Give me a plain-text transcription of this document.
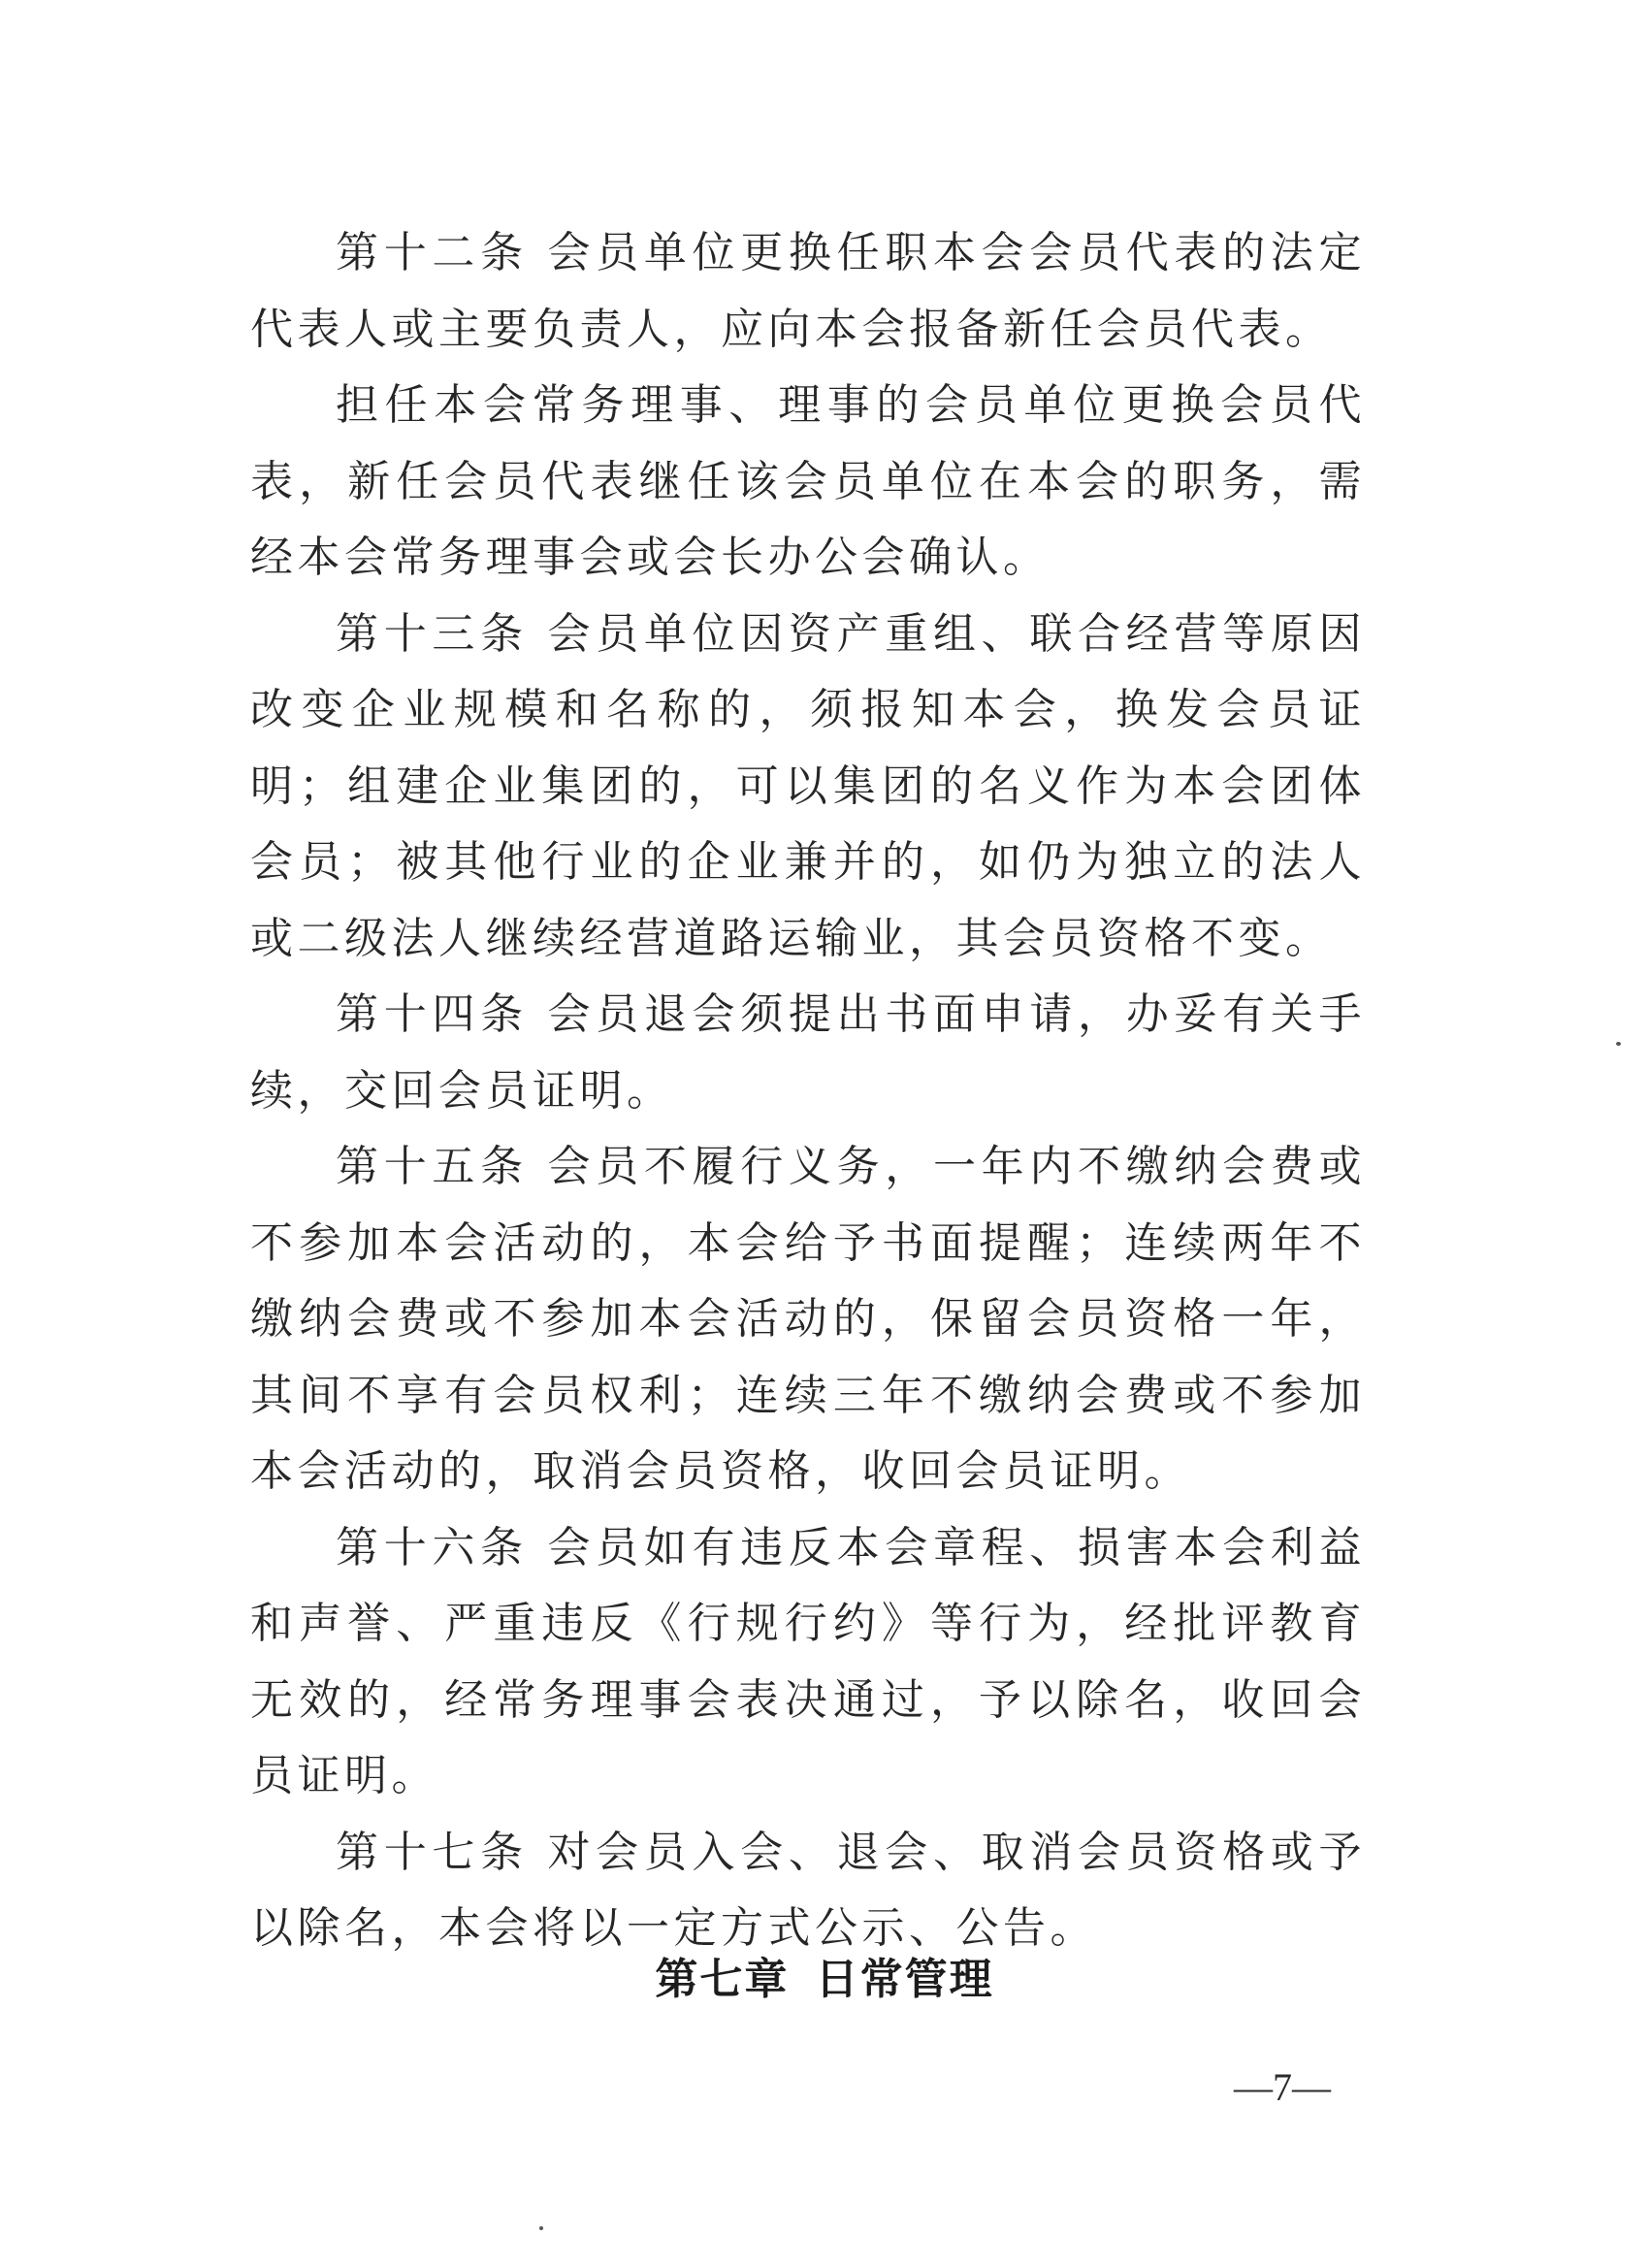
第十二条 会员单位更换任职本会会员代表的法定代表人或主要负责人，应向本会报备新任会员代表。

担任本会常务理事、理事的会员单位更换会员代表，新任会员代表继任该会员单位在本会的职务，需经本会常务理事会或会长办公会确认。

第十三条 会员单位因资产重组、联合经营等原因改变企业规模和名称的，须报知本会，换发会员证明；组建企业集团的，可以集团的名义作为本会团体会员；被其他行业的企业兼并的，如仍为独立的法人或二级法人继续经营道路运输业，其会员资格不变。

第十四条 会员退会须提出书面申请，办妥有关手续，交回会员证明。

第十五条 会员不履行义务，一年内不缴纳会费或不参加本会活动的，本会给予书面提醒；连续两年不缴纳会费或不参加本会活动的，保留会员资格一年，其间不享有会员权利；连续三年不缴纳会费或不参加本会活动的，取消会员资格，收回会员证明。

第十六条 会员如有违反本会章程、损害本会利益和声誉、严重违反《行规行约》等行为，经批评教育无效的，经常务理事会表决通过，予以除名，收回会员证明。

第十七条 对会员入会、退会、取消会员资格或予以除名，本会将以一定方式公示、公告。

第七章 日常管理
—7—
